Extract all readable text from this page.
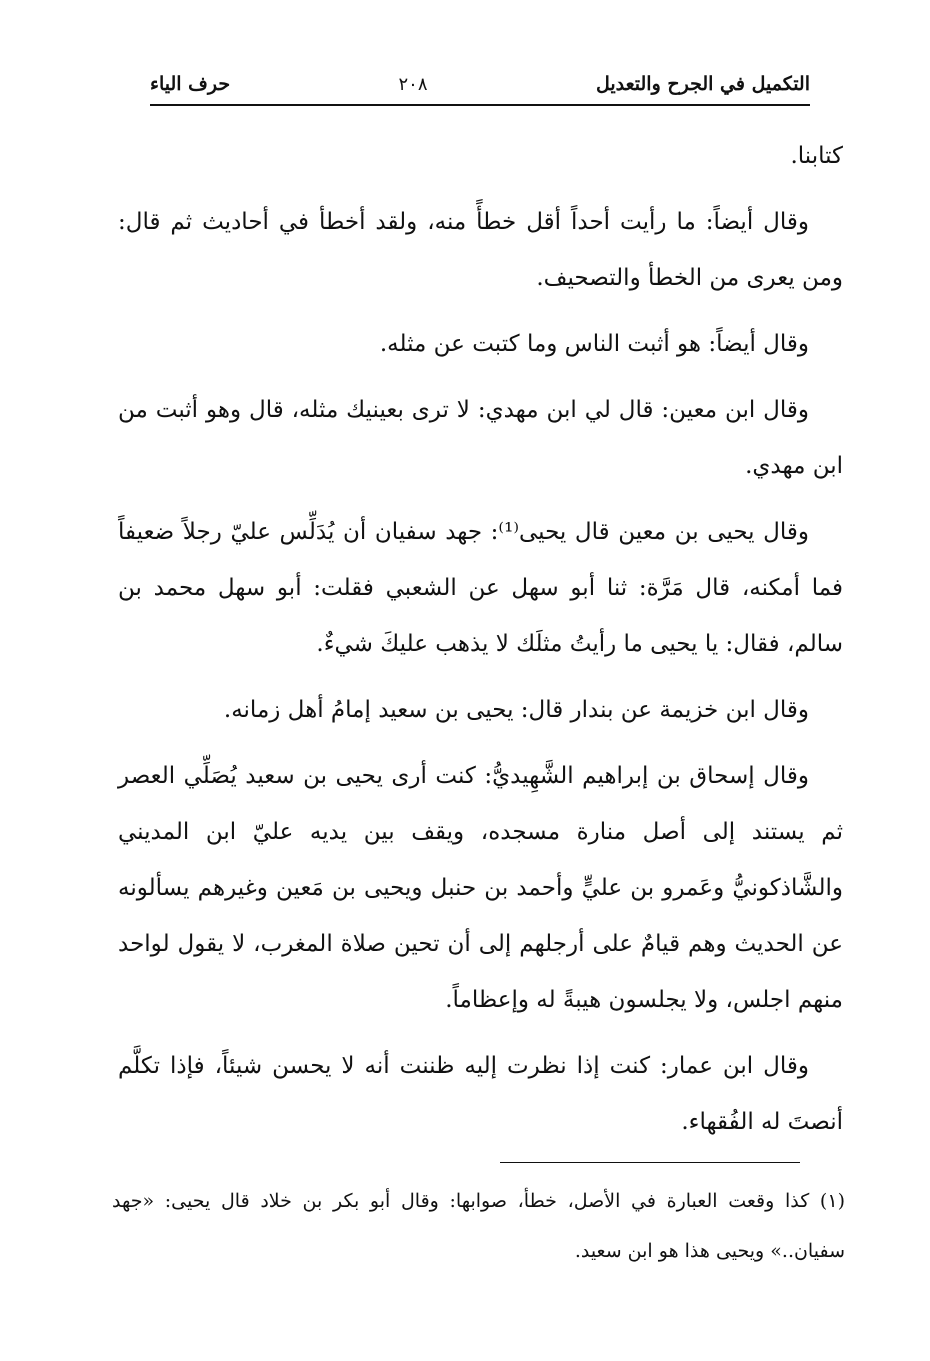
التكميل في الجرح والتعديل
٢٠٨
حرف الياء

كتابنا.

وقال أيضاً: ما رأيت أحداً أقل خطأً منه، ولقد أخطأ في أحاديث ثم قال: ومن يعرى من الخطأ والتصحيف.

وقال أيضاً: هو أثبت الناس وما كتبت عن مثله.

وقال ابن معين: قال لي ابن مهدي: لا ترى بعينيك مثله، قال وهو أثبت من ابن مهدي.

وقال يحيى بن معين قال يحيى⁽¹⁾: جهد سفيان أن يُدَلِّس عليّ رجلاً ضعيفاً فما أمكنه، قال مَرَّة: ثنا أبو سهل عن الشعبي فقلت: أبو سهل محمد بن سالم، فقال: يا يحيى ما رأيتُ مثلَك لا يذهب عليكَ شيءٌ.

وقال ابن خزيمة عن بندار قال: يحيى بن سعيد إمامُ أهل زمانه.

وقال إسحاق بن إبراهيم الشَّهِيديُّ: كنت أرى يحيى بن سعيد يُصَلِّي العصر ثم يستند إلى أصل منارة مسجده، ويقف بين يديه عليّ ابن المديني والشَّاذكونيُّ وعَمرو بن عليٍّ وأحمد بن حنبل ويحيى بن مَعين وغيرهم يسألونه عن الحديث وهم قيامٌ على أرجلهم إلى أن تحين صلاة المغرب، لا يقول لواحد منهم اجلس، ولا يجلسون هيبةً له وإعظاماً.

وقال ابن عمار: كنت إذا نظرت إليه ظننت أنه لا يحسن شيئاً، فإذا تكلَّم أنصتَ له الفُقهاء.

(١) كذا وقعت العبارة في الأصل، خطأ، صوابها: وقال أبو بكر بن خلاد قال يحيى: «جهد سفيان..» ويحيى هذا هو ابن سعيد.
